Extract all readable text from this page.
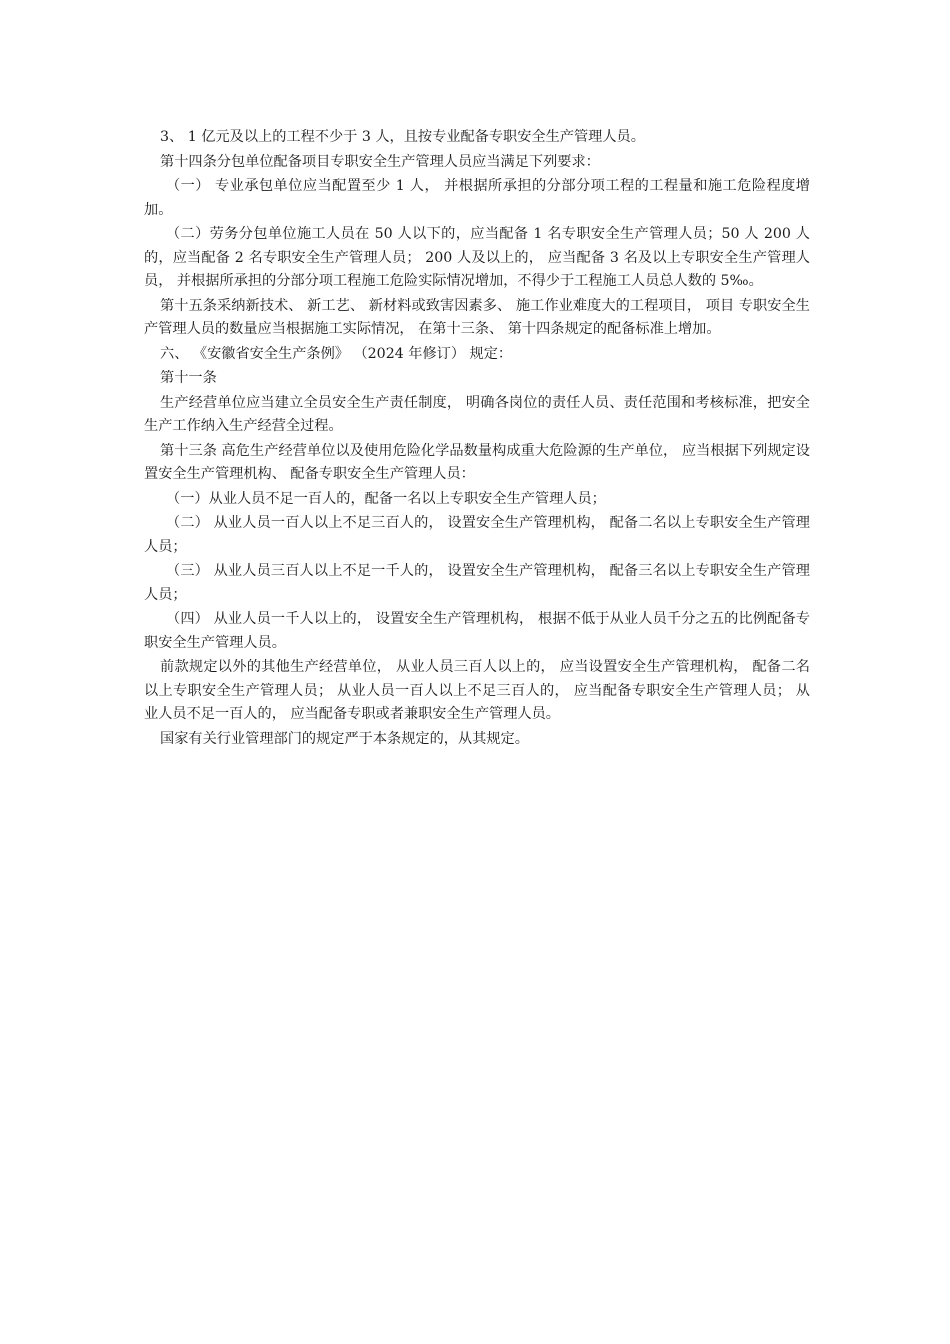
3、 1 亿元及以上的工程不少于 3 人，且按专业配备专职安全生产管理人员。

第十四条分包单位配备项目专职安全生产管理人员应当满足下列要求：

（一） 专业承包单位应当配置至少 1 人， 并根据所承担的分部分项工程的工程量和施工危险程度增加。

（二）劳务分包单位施工人员在 50 人以下的，应当配备 1 名专职安全生产管理人员；50 人 200 人的，应当配备 2 名专职安全生产管理人员； 200 人及以上的， 应当配备 3 名及以上专职安全生产管理人员， 并根据所承担的分部分项工程施工危险实际情况增加，不得少于工程施工人员总人数的 5‰。

第十五条采纳新技术、 新工艺、 新材料或致害因素多、 施工作业难度大的工程项目， 项目 专职安全生产管理人员的数量应当根据施工实际情况， 在第十三条、 第十四条规定的配备标准上增加。

六、 《安徽省安全生产条例》 （2024 年修订） 规定：

第十一条

生产经营单位应当建立全员安全生产责任制度， 明确各岗位的责任人员、责任范围和考核标准，把安全生产工作纳入生产经营全过程。

第十三条 高危生产经营单位以及使用危险化学品数量构成重大危险源的生产单位， 应当根据下列规定设置安全生产管理机构、 配备专职安全生产管理人员：

（一）从业人员不足一百人的，配备一名以上专职安全生产管理人员；

（二） 从业人员一百人以上不足三百人的， 设置安全生产管理机构， 配备二名以上专职安全生产管理人员；

（三） 从业人员三百人以上不足一千人的， 设置安全生产管理机构， 配备三名以上专职安全生产管理人员；

（四） 从业人员一千人以上的， 设置安全生产管理机构， 根据不低于从业人员千分之五的比例配备专职安全生产管理人员。

前款规定以外的其他生产经营单位， 从业人员三百人以上的， 应当设置安全生产管理机构， 配备二名以上专职安全生产管理人员； 从业人员一百人以上不足三百人的， 应当配备专职安全生产管理人员； 从业人员不足一百人的， 应当配备专职或者兼职安全生产管理人员。

国家有关行业管理部门的规定严于本条规定的，从其规定。
